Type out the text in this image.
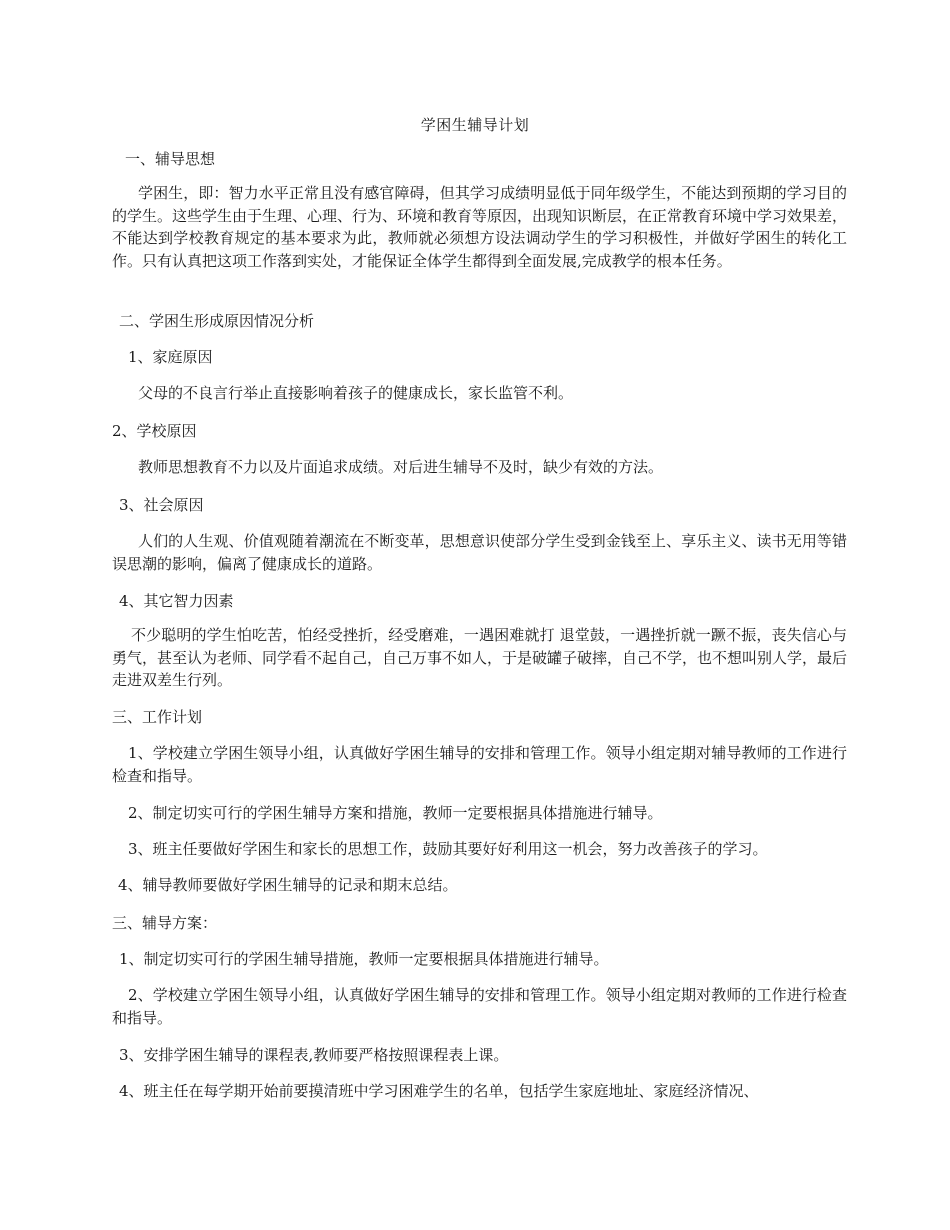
学困生辅导计划
一、辅导思想
学困生，即：智力水平正常且没有感官障碍，但其学习成绩明显低于同年级学生，不能达到预期的学习目的的学生。这些学生由于生理、心理、行为、环境和教育等原因，出现知识断层，在正常教育环境中学习效果差，不能达到学校教育规定的基本要求为此，教师就必须想方设法调动学生的学习积极性，并做好学困生的转化工作。只有认真把这项工作落到实处，才能保证全体学生都得到全面发展,完成教学的根本任务。
二、学困生形成原因情况分析
1、家庭原因
父母的不良言行举止直接影响着孩子的健康成长，家长监管不利。
2、学校原因
教师思想教育不力以及片面追求成绩。对后进生辅导不及时，缺少有效的方法。
3、社会原因
人们的人生观、价值观随着潮流在不断变革，思想意识使部分学生受到金钱至上、享乐主义、读书无用等错误思潮的影响，偏离了健康成长的道路。
4、其它智力因素
不少聪明的学生怕吃苦，怕经受挫折，经受磨难，一遇困难就打 退堂鼓，一遇挫折就一蹶不振，丧失信心与勇气，甚至认为老师、同学看不起自己，自己万事不如人，于是破罐子破摔，自己不学，也不想叫别人学，最后走进双差生行列。
三、工作计划
1、学校建立学困生领导小组，认真做好学困生辅导的安排和管理工作。领导小组定期对辅导教师的工作进行检查和指导。
2、制定切实可行的学困生辅导方案和措施，教师一定要根据具体措施进行辅导。
3、班主任要做好学困生和家长的思想工作，鼓励其要好好利用这一机会，努力改善孩子的学习。
4、辅导教师要做好学困生辅导的记录和期末总结。
三、辅导方案：
1、制定切实可行的学困生辅导措施，教师一定要根据具体措施进行辅导。
2、学校建立学困生领导小组，认真做好学困生辅导的安排和管理工作。领导小组定期对教师的工作进行检查和指导。
3、安排学困生辅导的课程表,教师要严格按照课程表上课。
4、班主任在每学期开始前要摸清班中学习困难学生的名单，包括学生家庭地址、家庭经济情况、
